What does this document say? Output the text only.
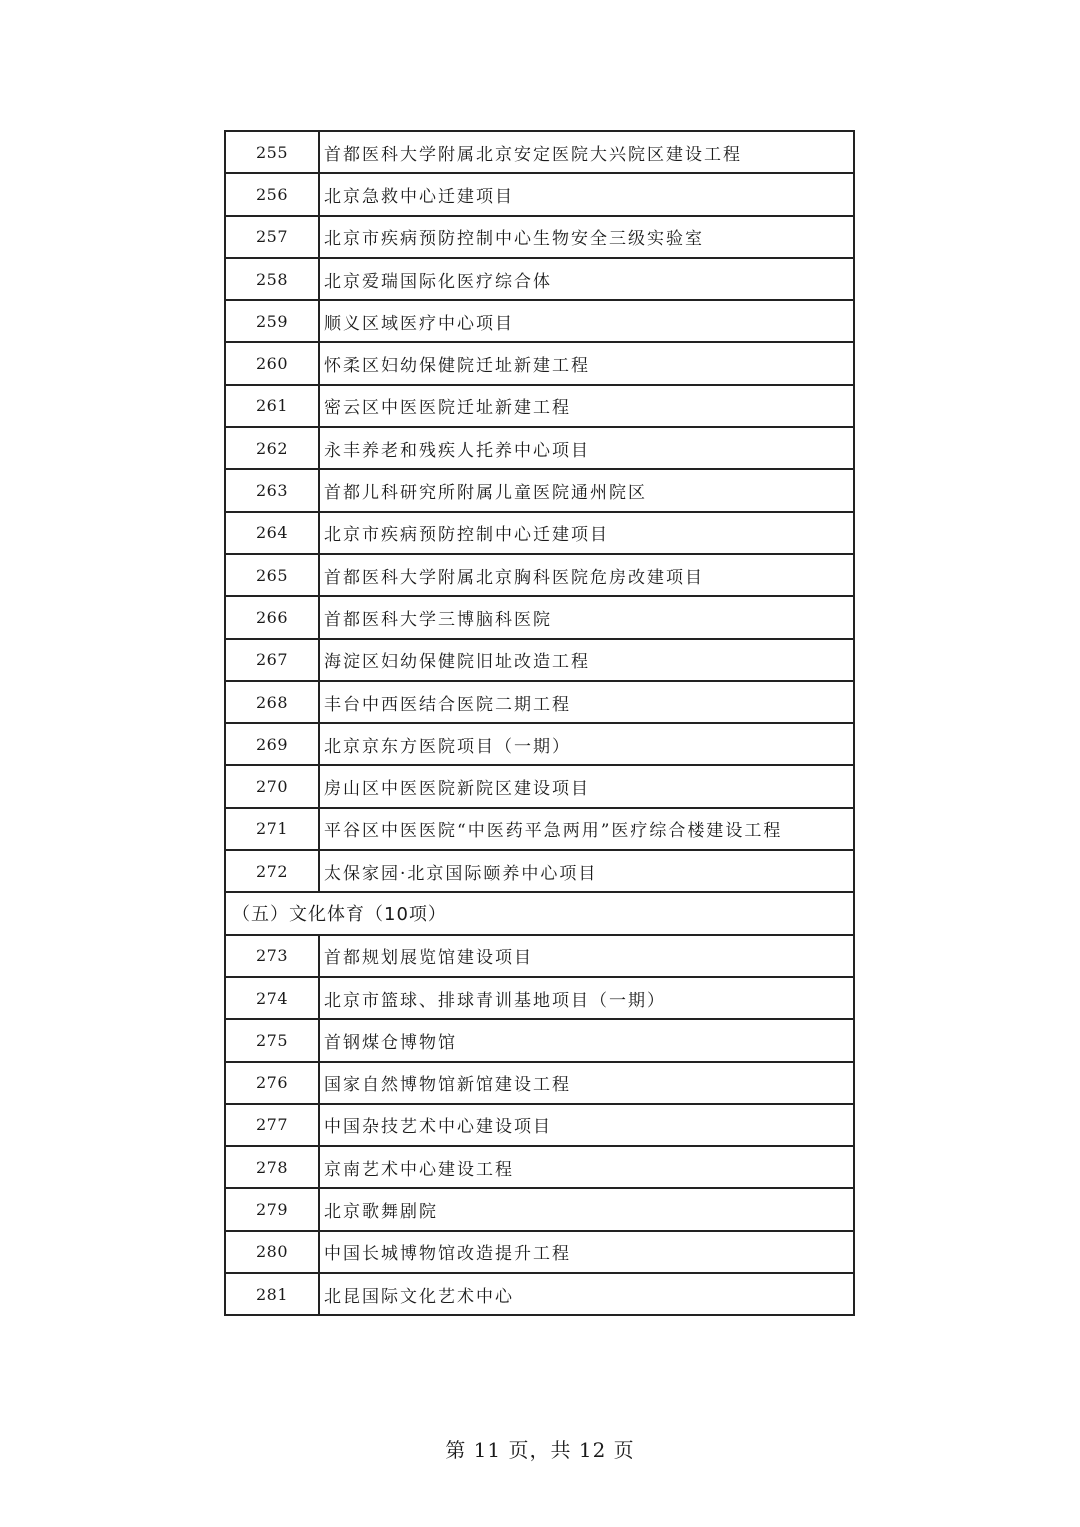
255	首都医科大学附属北京安定医院大兴院区建设工程
256	北京急救中心迁建项目
257	北京市疾病预防控制中心生物安全三级实验室
258	北京爱瑞国际化医疗综合体
259	顺义区域医疗中心项目
260	怀柔区妇幼保健院迁址新建工程
261	密云区中医医院迁址新建工程
262	永丰养老和残疾人托养中心项目
263	首都儿科研究所附属儿童医院通州院区
264	北京市疾病预防控制中心迁建项目
265	首都医科大学附属北京胸科医院危房改建项目
266	首都医科大学三博脑科医院
267	海淀区妇幼保健院旧址改造工程
268	丰台中西医结合医院二期工程
269	北京京东方医院项目（一期）
270	房山区中医医院新院区建设项目
271	平谷区中医医院“中医药平急两用”医疗综合楼建设工程
272	太保家园·北京国际颐养中心项目
（五）文化体育（10项）	
273	首都规划展览馆建设项目
274	北京市篮球、排球青训基地项目（一期）
275	首钢煤仓博物馆
276	国家自然博物馆新馆建设工程
277	中国杂技艺术中心建设项目
278	京南艺术中心建设工程
279	北京歌舞剧院
280	中国长城博物馆改造提升工程
281	北昆国际文化艺术中心
第 11 页，共 12 页
